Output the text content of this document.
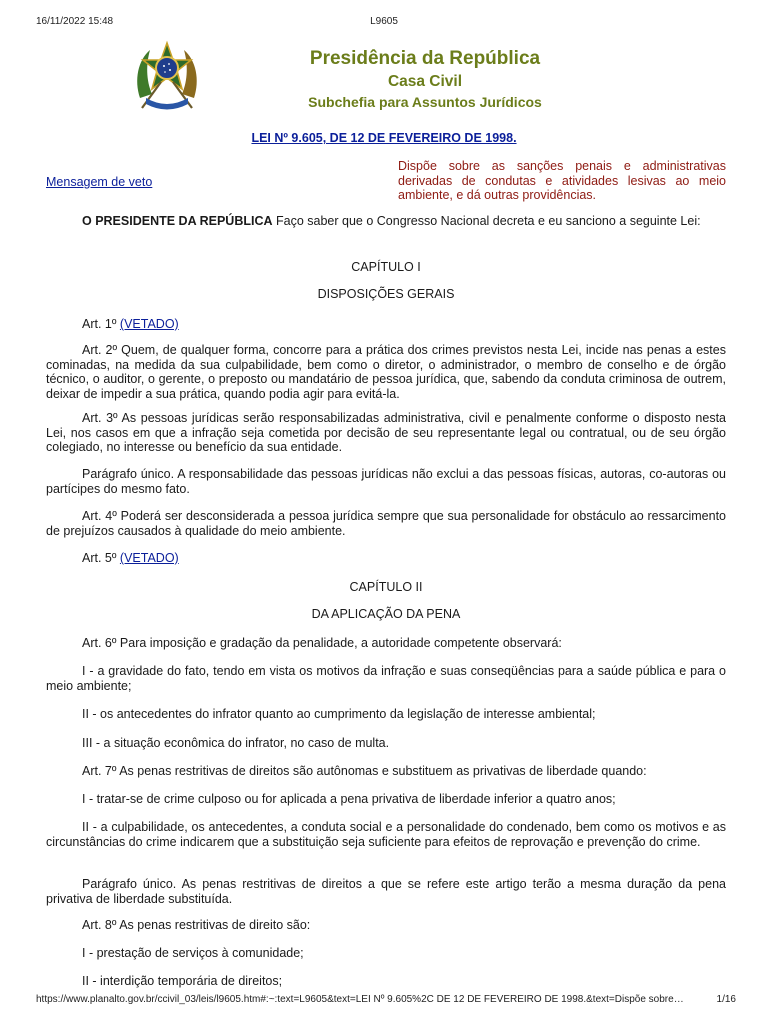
16/11/2022 15:48	L9605
Presidência da República
Casa Civil
Subchefia para Assuntos Jurídicos
LEI Nº 9.605, DE 12 DE FEVEREIRO DE 1998.
Mensagem de veto
Dispõe sobre as sanções penais e administrativas derivadas de condutas e atividades lesivas ao meio ambiente, e dá outras providências.

O PRESIDENTE DA REPÚBLICA Faço saber que o Congresso Nacional decreta e eu sanciono a seguinte Lei:

CAPÍTULO I

DISPOSIÇÕES GERAIS

Art. 1º (VETADO)

Art. 2º Quem, de qualquer forma, concorre para a prática dos crimes previstos nesta Lei, incide nas penas a estes cominadas, na medida da sua culpabilidade, bem como o diretor, o administrador, o membro de conselho e de órgão técnico, o auditor, o gerente, o preposto ou mandatário de pessoa jurídica, que, sabendo da conduta criminosa de outrem, deixar de impedir a sua prática, quando podia agir para evitá-la.

Art. 3º As pessoas jurídicas serão responsabilizadas administrativa, civil e penalmente conforme o disposto nesta Lei, nos casos em que a infração seja cometida por decisão de seu representante legal ou contratual, ou de seu órgão colegiado, no interesse ou benefício da sua entidade.

Parágrafo único. A responsabilidade das pessoas jurídicas não exclui a das pessoas físicas, autoras, co-autoras ou partícipes do mesmo fato.

Art. 4º Poderá ser desconsiderada a pessoa jurídica sempre que sua personalidade for obstáculo ao ressarcimento de prejuízos causados à qualidade do meio ambiente.

Art. 5º (VETADO)

CAPÍTULO II

DA APLICAÇÃO DA PENA

Art. 6º Para imposição e gradação da penalidade, a autoridade competente observará:

I - a gravidade do fato, tendo em vista os motivos da infração e suas conseqüências para a saúde pública e para o meio ambiente;

II - os antecedentes do infrator quanto ao cumprimento da legislação de interesse ambiental;

III - a situação econômica do infrator, no caso de multa.

Art. 7º As penas restritivas de direitos são autônomas e substituem as privativas de liberdade quando:

I - tratar-se de crime culposo ou for aplicada a pena privativa de liberdade inferior a quatro anos;

II - a culpabilidade, os antecedentes, a conduta social e a personalidade do condenado, bem como os motivos e as circunstâncias do crime indicarem que a substituição seja suficiente para efeitos de reprovação e prevenção do crime.

Parágrafo único. As penas restritivas de direitos a que se refere este artigo terão a mesma duração da pena privativa de liberdade substituída.

Art. 8º As penas restritivas de direito são:

I - prestação de serviços à comunidade;

II - interdição temporária de direitos;

https://www.planalto.gov.br/ccivil_03/leis/l9605.htm#:~:text=L9605&text=LEI Nº 9.605%2C DE 12 DE FEVEREIRO DE 1998.&text=Dispõe sobre…	1/16
